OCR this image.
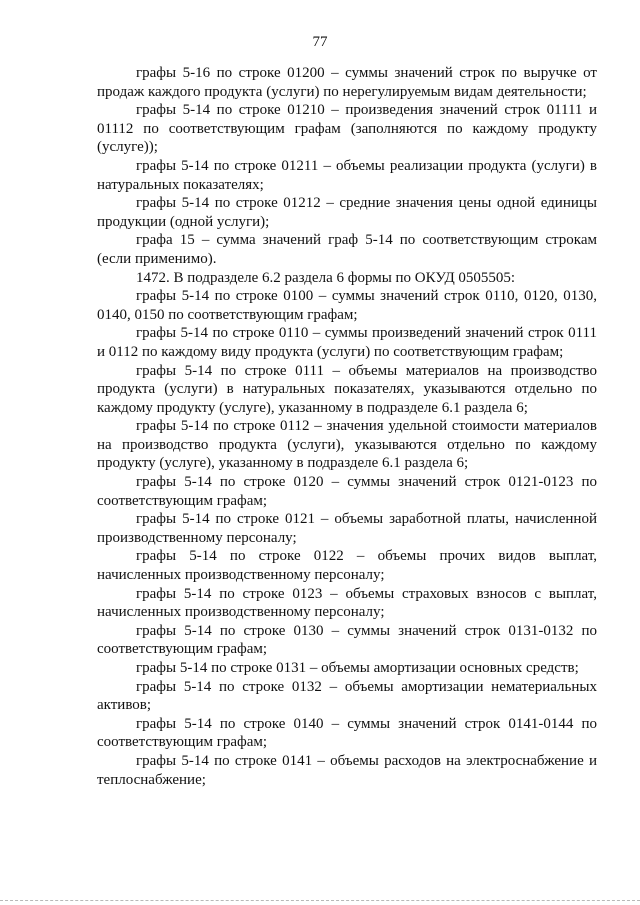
77

графы 5-16 по строке 01200 – суммы значений строк по выручке от продаж каждого продукта (услуги) по нерегулируемым видам деятельности;

графы 5-14 по строке 01210 – произведения значений строк 01111 и 01112 по соответствующим графам (заполняются по каждому продукту (услуге));

графы 5-14 по строке 01211 – объемы реализации продукта (услуги) в натуральных показателях;

графы 5-14 по строке 01212 – средние значения цены одной единицы продукции (одной услуги);

графа 15 – сумма значений граф 5-14 по соответствующим строкам (если применимо).

1472. В подразделе 6.2 раздела 6 формы по ОКУД 0505505:

графы 5-14 по строке 0100 – суммы значений строк 0110, 0120, 0130, 0140, 0150 по соответствующим графам;

графы 5-14 по строке 0110 – суммы произведений значений строк 0111 и 0112 по каждому виду продукта (услуги) по соответствующим графам;

графы 5-14 по строке 0111 – объемы материалов на производство продукта (услуги) в натуральных показателях, указываются отдельно по каждому продукту (услуге), указанному в подразделе 6.1 раздела 6;

графы 5-14 по строке 0112 – значения удельной стоимости материалов на производство продукта (услуги), указываются отдельно по каждому продукту (услуге), указанному в подразделе 6.1 раздела 6;

графы 5-14 по строке 0120 – суммы значений строк 0121-0123 по соответствующим графам;

графы 5-14 по строке 0121 – объемы заработной платы, начисленной производственному персоналу;

графы 5-14 по строке 0122 – объемы прочих видов выплат, начисленных производственному персоналу;

графы 5-14 по строке 0123 – объемы страховых взносов с выплат, начисленных производственному персоналу;

графы 5-14 по строке 0130 – суммы значений строк 0131-0132 по соответствующим графам;

графы 5-14 по строке 0131 – объемы амортизации основных средств;

графы 5-14 по строке 0132 – объемы амортизации нематериальных активов;

графы 5-14 по строке 0140 – суммы значений строк 0141-0144 по соответствующим графам;

графы 5-14 по строке 0141 – объемы расходов на электроснабжение и теплоснабжение;
